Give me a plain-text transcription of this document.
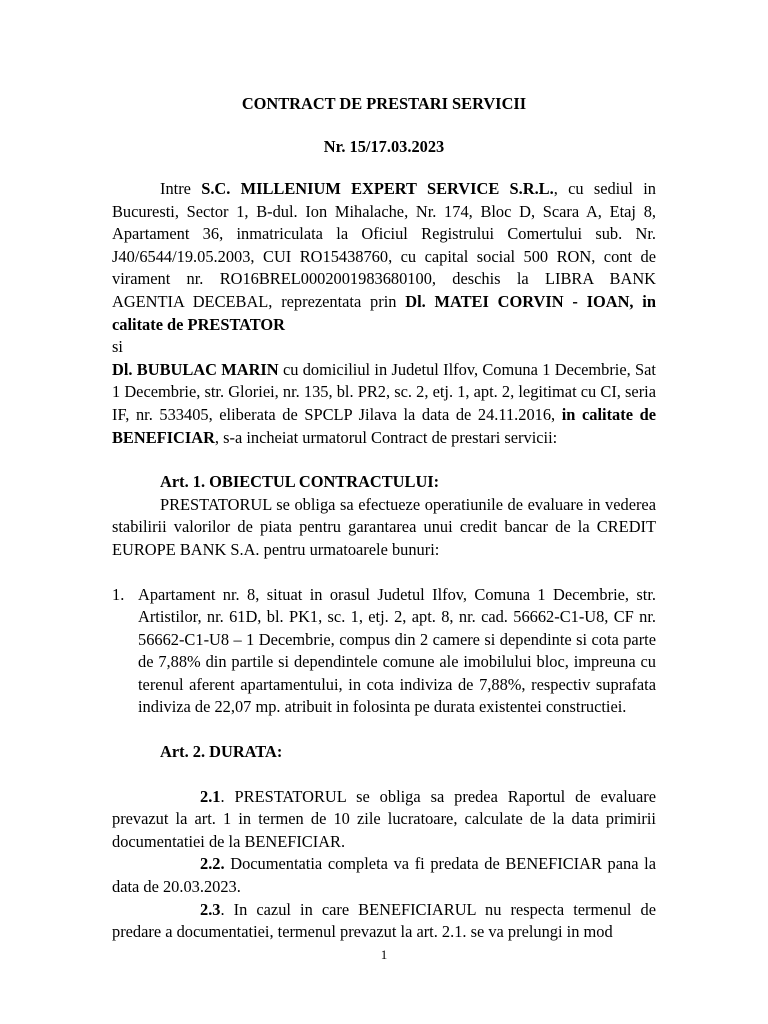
CONTRACT DE PRESTARI SERVICII
Nr. 15/17.03.2023

Intre S.C. MILLENIUM EXPERT SERVICE S.R.L., cu sediul in Bucuresti, Sector 1, B-dul. Ion Mihalache, Nr. 174, Bloc D, Scara A, Etaj 8, Apartament 36, inmatriculata la Oficiul Registrului Comertului sub. Nr. J40/6544/19.05.2003, CUI RO15438760, cu capital social 500 RON, cont de virament nr. RO16BREL0002001983680100, deschis la LIBRA BANK AGENTIA DECEBAL, reprezentata prin Dl. MATEI CORVIN - IOAN, in calitate de PRESTATOR

si

Dl. BUBULAC MARIN cu domiciliul in Judetul Ilfov, Comuna 1 Decembrie, Sat 1 Decembrie, str. Gloriei, nr. 135, bl. PR2, sc. 2, etj. 1, apt. 2, legitimat cu CI, seria IF, nr. 533405, eliberata de SPCLP Jilava la data de 24.11.2016, in calitate de BENEFICIAR, s-a incheiat urmatorul Contract de prestari servicii:

Art. 1. OBIECTUL CONTRACTULUI:

PRESTATORUL se obliga sa efectueze operatiunile de evaluare in vederea stabilirii valorilor de piata pentru garantarea unui credit bancar de la CREDIT EUROPE BANK S.A. pentru urmatoarele bunuri:

1. Apartament nr. 8, situat in orasul Judetul Ilfov, Comuna 1 Decembrie, str. Artistilor, nr. 61D, bl. PK1, sc. 1, etj. 2, apt. 8, nr. cad. 56662-C1-U8, CF nr. 56662-C1-U8 – 1 Decembrie, compus din 2 camere si dependinte si cota parte de 7,88% din partile si dependintele comune ale imobilului bloc, impreuna cu terenul aferent apartamentului, in cota indiviza de 7,88%, respectiv suprafata indiviza de 22,07 mp. atribuit in folosinta pe durata existentei constructiei.

Art. 2. DURATA:

2.1. PRESTATORUL se obliga sa predea Raportul de evaluare prevazut la art. 1 in termen de 10 zile lucratoare, calculate de la data primirii documentatiei de la BENEFICIAR.

2.2. Documentatia completa va fi predata de BENEFICIAR pana la data de 20.03.2023.

2.3. In cazul in care BENEFICIARUL nu respecta termenul de predare a documentatiei, termenul prevazut la art. 2.1. se va prelungi in mod

1
